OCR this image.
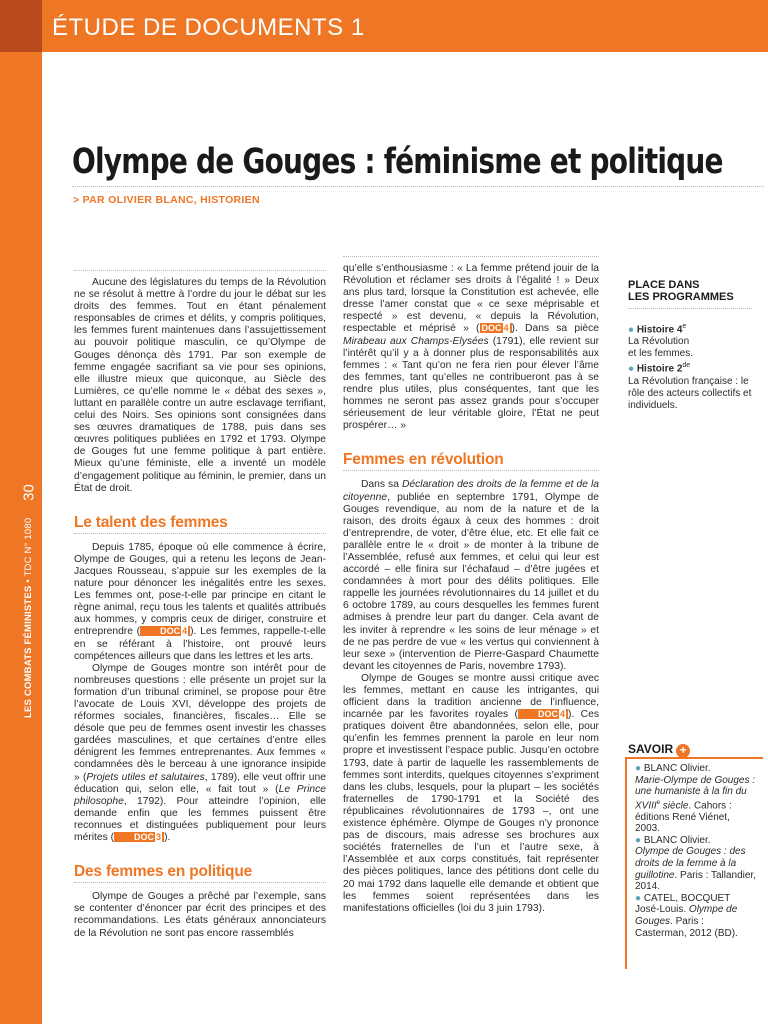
30
LES COMBATS FÉMINISTES • TDC N° 1080
ÉTUDE DE DOCUMENTS 1
Olympe de Gouges : féminisme et politique
> PAR OLIVIER BLANC, HISTORIEN

Aucune des législatures du temps de la Révolution ne se résolut à mettre à l’ordre du jour le débat sur les droits des femmes. Tout en étant pénalement responsables de crimes et délits, y compris politiques, les femmes furent maintenues dans l’assujettissement au pouvoir politique masculin, ce qu’Olympe de Gouges dénonça dès 1791. Par son exemple de femme engagée sacrifiant sa vie pour ses opinions, elle illustre mieux que quiconque, au Siècle des Lumières, ce qu’elle nomme le « débat des sexes », luttant en parallèle contre un autre esclavage terrifiant, celui des Noirs. Ses opinions sont consignées dans ses œuvres dramatiques de 1788, puis dans ses œuvres politiques publiées en 1792 et 1793. Olympe de Gouges fut une femme politique à part entière. Mieux qu’une féministe, elle a inventé un modèle d’engagement politique au féminin, le premier, dans un État de droit.

Le talent des femmes

Depuis 1785, époque où elle commence à écrire, Olympe de Gouges, qui a retenu les leçons de Jean-Jacques Rousseau, s’appuie sur les exemples de la nature pour dénoncer les inégalités entre les sexes. Les femmes ont, pose-t-elle par principe en citant le règne animal, reçu tous les talents et qualités attribués aux hommes, y compris ceux de diriger, construire et entreprendre ( DOC 4 ). Les femmes, rappelle-t-elle en se référant à l’histoire, ont prouvé leurs compétences ailleurs que dans les lettres et les arts.

Olympe de Gouges montre son intérêt pour de nombreuses questions : elle présente un projet sur la formation d’un tribunal criminel, se propose pour être l’avocate de Louis XVI, développe des projets de réformes sociales, financières, fiscales… Elle se désole que peu de femmes osent investir les chasses gardées masculines, et que certaines d’entre elles dénigrent les femmes entreprenantes. Aux femmes « condamnées dès le berceau à une ignorance insipide » (Projets utiles et salutaires, 1789), elle veut offrir une éducation qui, selon elle, « fait tout » (Le Prince philosophe, 1792). Pour atteindre l’opinion, elle demande enfin que les femmes puissent être reconnues et distinguées publiquement pour leurs mérites ( DOC 3 ).

Des femmes en politique

Olympe de Gouges a prêché par l’exemple, sans se contenter d’énoncer par écrit des principes et des recommandations. Les états généraux annonciateurs de la Révolution ne sont pas encore rassemblés

qu’elle s’enthousiasme : « La femme prétend jouir de la Révolution et réclamer ses droits à l’égalité ! » Deux ans plus tard, lorsque la Constitution est achevée, elle dresse l’amer constat que « ce sexe méprisable et respecté » est devenu, « depuis la Révolution, respectable et méprisé » ( DOC 4 ). Dans sa pièce Mirabeau aux Champs-Elysées (1791), elle revient sur l’intérêt qu’il y a à donner plus de responsabilités aux femmes : « Tant qu’on ne fera rien pour élever l’âme des femmes, tant qu’elles ne contribueront pas à se rendre plus utiles, plus conséquentes, tant que les hommes ne seront pas assez grands pour s’occuper sérieusement de leur véritable gloire, l’État ne peut prospérer… »

Femmes en révolution

Dans sa Déclaration des droits de la femme et de la citoyenne, publiée en septembre 1791, Olympe de Gouges revendique, au nom de la nature et de la raison, des droits égaux à ceux des hommes : droit d’entreprendre, de voter, d’être élue, etc. Et elle fait ce parallèle entre le « droit » de monter à la tribune de l’Assemblée, refusé aux femmes, et celui qui leur est accordé – elle finira sur l’échafaud – d’être jugées et condamnées à mort pour des délits politiques. Elle rappelle les journées révolutionnaires du 14 juillet et du 6 octobre 1789, au cours desquelles les femmes furent admises à prendre leur part du danger. Cela avant de les inviter à reprendre « les soins de leur ménage » et de ne pas perdre de vue « les vertus qui conviennent à leur sexe » (intervention de Pierre-Gaspard Chaumette devant les citoyennes de Paris, novembre 1793).

Olympe de Gouges se montre aussi critique avec les femmes, mettant en cause les intrigantes, qui officient dans la tradition ancienne de l’influence, incarnée par les favorites royales ( DOC 4 ). Ces pratiques doivent être abandonnées, selon elle, pour qu’enfin les femmes prennent la parole en leur nom propre et investissent l’espace public. Jusqu’en octobre 1793, date à partir de laquelle les rassemblements de femmes sont interdits, quelques citoyennes s’expriment dans les clubs, lesquels, pour la plupart – les sociétés fraternelles de 1790-1791 et la Société des républicaines révolutionnaires de 1793 –, ont une existence éphémère. Olympe de Gouges n’y prononce pas de discours, mais adresse ses brochures aux sociétés fraternelles de l’un et l’autre sexe, à l’Assemblée et aux corps constitués, fait représenter des pièces politiques, lance des pétitions dont celle du 20 mai 1792 dans laquelle elle demande et obtient que les femmes soient représentées dans les manifestations officielles (loi du 3 juin 1793).

PLACE DANS
LES PROGRAMMES
● Histoire 4e
La Révolution
et les femmes.
● Histoire 2de
La Révolution française : le rôle des acteurs collectifs et individuels.
SAVOIR +
● BLANC Olivier.
Marie-Olympe de Gouges : une humaniste à la fin du XVIIIe siècle. Cahors : éditions René Viénet, 2003.
● BLANC Olivier.
Olympe de Gouges : des droits de la femme à la guillotine. Paris : Tallandier, 2014.
● CATEL, BOCQUET José-Louis. Olympe de Gouges. Paris : Casterman, 2012 (BD).
